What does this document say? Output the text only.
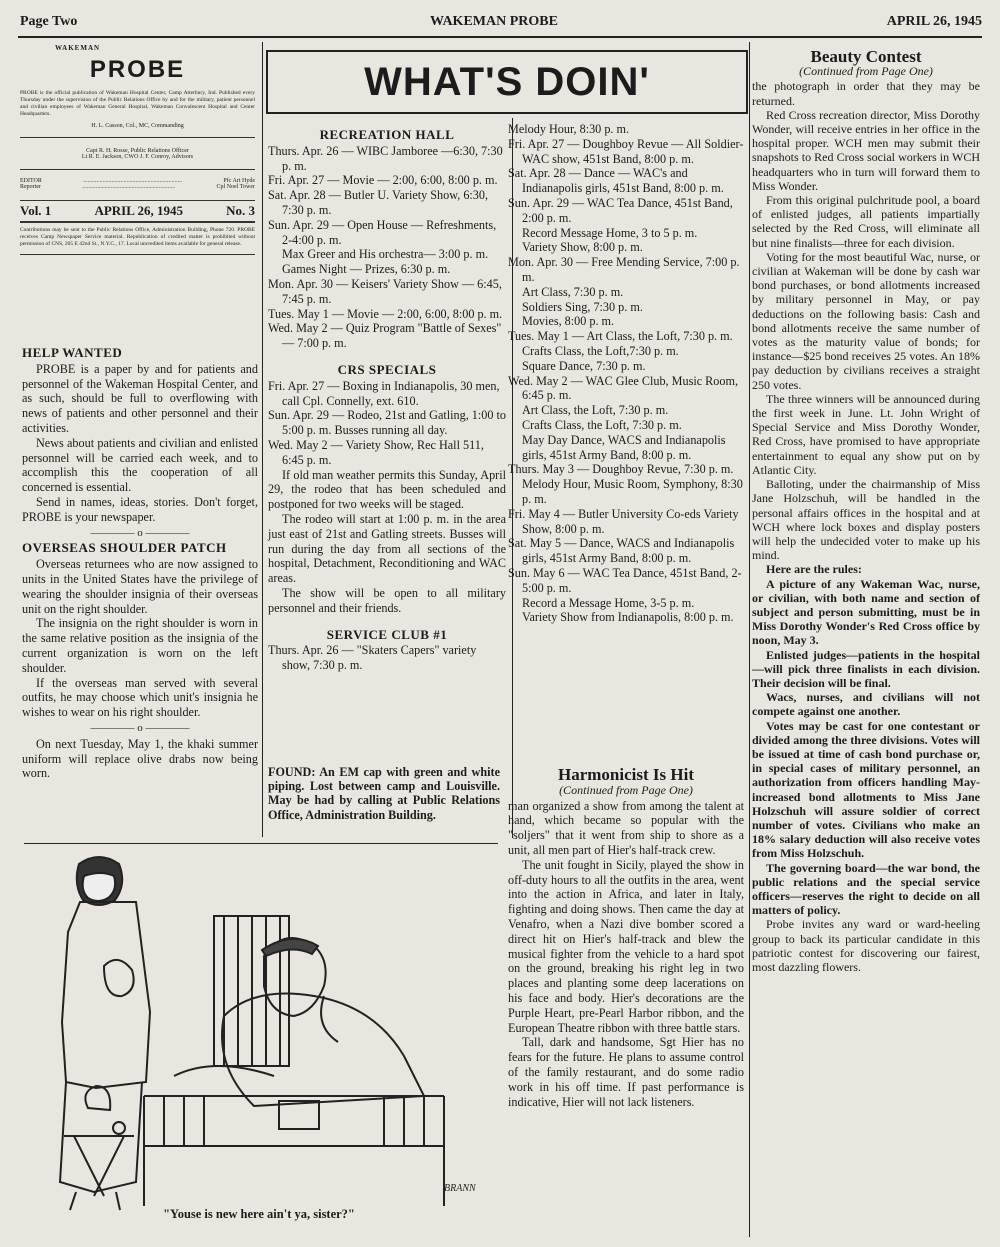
Page Two	WAKEMAN PROBE	APRIL 26, 1945
WAKEMAN
PROBE
PROBE is the official publication of Wakeman Hospital Center, Camp Atterbury, Ind. Published every Thursday under the supervision of the Public Relations Office by and for the military, patient personnel and civilian employees of Wakeman General Hospital, Wakeman Convalescent Hospital and Center Headquarters.
H. L. Casson, Col., MC, Commanding
Capt R. H. Rosse, Public Relations Officer
Lt R. E. Jackson, CWO J. F. Conroy, Advisors
EDITOR	..................................................................	Pfc Art Hyde
Reporter	..............................................................	Cpl Noel Tower
Vol. 1	APRIL 26, 1945	No. 3
Contributions may be sent to the Public Relations Office, Administration Building, Phone 720. PROBE receives Camp Newspaper Service material. Republication of credited matter is prohibited without permission of CNS, 205 E 42nd St., N.Y.C., 17. Local uncredited items available for general release.
HELP WANTED

PROBE is a paper by and for patients and personnel of the Wakeman Hospital Center, and as such, should be full to overflowing with news of patients and other personnel and their activities.

News about patients and civilian and enlisted personnel will be carried each week, and to accomplish this the cooperation of all concerned is essential.

Send in names, ideas, stories. Don't forget, PROBE is your newspaper.

———— o ————
OVERSEAS SHOULDER PATCH

Overseas returnees who are now assigned to units in the United States have the privilege of wearing the shoulder insignia of their overseas unit on the right shoulder.

The insignia on the right shoulder is worn in the same relative position as the insignia of the current organization is worn on the left shoulder.

If the overseas man served with several outfits, he may choose which unit's insignia he wishes to wear on his right shoulder.

———— o ————

On next Tuesday, May 1, the khaki summer uniform will replace olive drabs now being worn.

WHAT'S DOIN'
RECREATION HALL
Thurs. Apr. 26 — WIBC Jamboree —6:30, 7:30 p. m.
Fri. Apr. 27 — Movie — 2:00, 6:00, 8:00 p. m.
Sat. Apr. 28 — Butler U. Variety Show, 6:30, 7:30 p. m.
Sun. Apr. 29 — Open House — Refreshments, 2-4:00 p. m.
Max Greer and His orchestra— 3:00 p. m.
Games Night — Prizes, 6:30 p. m.
Mon. Apr. 30 — Keisers' Variety Show — 6:45, 7:45 p. m.
Tues. May 1 — Movie — 2:00, 6:00, 8:00 p. m.
Wed. May 2 — Quiz Program "Battle of Sexes" — 7:00 p. m.
CRS SPECIALS
Fri. Apr. 27 — Boxing in Indianapolis, 30 men, call Cpl. Connelly, ext. 610.
Sun. Apr. 29 — Rodeo, 21st and Gatling, 1:00 to 5:00 p. m. Busses running all day.
Wed. May 2 — Variety Show, Rec Hall 511, 6:45 p. m.

If old man weather permits this Sunday, April 29, the rodeo that has been scheduled and postponed for two weeks will be staged.

The rodeo will start at 1:00 p. m. in the area just east of 21st and Gatling streets. Busses will run during the day from all sections of the hospital, Detachment, Reconditioning and WAC areas.

The show will be open to all military personnel and their friends.

SERVICE CLUB #1
Thurs. Apr. 26 — "Skaters Capers" variety show, 7:30 p. m.

FOUND: An EM cap with green and white piping. Lost between camp and Louisville. May be had by calling at Public Relations Office, Administration Building.

Melody Hour, 8:30 p. m.
Fri. Apr. 27 — Doughboy Revue — All Soldier-WAC show, 451st Band, 8:00 p. m.
Sat. Apr. 28 — Dance — WAC's and Indianapolis girls, 451st Band, 8:00 p. m.
Sun. Apr. 29 — WAC Tea Dance, 451st Band, 2:00 p. m.
Record Message Home, 3 to 5 p. m.
Variety Show, 8:00 p. m.
Mon. Apr. 30 — Free Mending Service, 7:00 p. m.
Art Class, 7:30 p. m.
Soldiers Sing, 7:30 p. m.
Movies, 8:00 p. m.
Tues. May 1 — Art Class, the Loft, 7:30 p. m.
Crafts Class, the Loft,7:30 p. m.
Square Dance, 7:30 p. m.
Wed. May 2 — WAC Glee Club, Music Room, 6:45 p. m.
Art Class, the Loft, 7:30 p. m.
Crafts Class, the Loft, 7:30 p. m.
May Day Dance, WACS and Indianapolis girls, 451st Army Band, 8:00 p. m.
Thurs. May 3 — Doughboy Revue, 7:30 p. m.
Melody Hour, Music Room, Symphony, 8:30 p. m.
Fri. May 4 — Butler University Co-eds Variety Show, 8:00 p. m.
Sat. May 5 — Dance, WACS and Indianapolis girls, 451st Army Band, 8:00 p. m.
Sun. May 6 — WAC Tea Dance, 451st Band, 2-5:00 p. m.
Record a Message Home, 3-5 p. m.
Variety Show from Indianapolis, 8:00 p. m.
Harmonicist Is Hit
(Continued from Page One)

man organized a show from among the talent at hand, which became so popular with the "soljers" that it went from ship to shore as a unit, all men part of Hier's half-track crew.

The unit fought in Sicily, played the show in off-duty hours to all the outfits in the area, went into the action in Africa, and later in Italy, fighting and doing shows. Then came the day at Venafro, when a Nazi dive bomber scored a direct hit on Hier's half-track and blew the musical fighter from the vehicle to a hard spot on the ground, breaking his right leg in two places and planting some deep lacerations on his face and body. Hier's decorations are the Purple Heart, pre-Pearl Harbor ribbon, and the European Theatre ribbon with three battle stars.

Tall, dark and handsome, Sgt Hier has no fears for the future. He plans to assume control of the family restaurant, and do some radio work in his off time. If past performance is indicative, Hier will not lack listeners.

Beauty Contest
(Continued from Page One)

the photograph in order that they may be returned.

Red Cross recreation director, Miss Dorothy Wonder, will receive entries in her office in the hospital proper. WCH men may submit their snapshots to Red Cross social workers in WCH headquarters who in turn will forward them to Miss Wonder.

From this original pulchritude pool, a board of enlisted judges, all patients impartially selected by the Red Cross, will eliminate all but nine finalists—three for each division.

Voting for the most beautiful Wac, nurse, or civilian at Wakeman will be done by cash war bond purchases, or bond allotments increased by military personnel in May, or pay deductions on the following basis: Cash and bond allotments receive the same number of votes as the maturity value of bonds; for instance—$25 bond receives 25 votes. An 18% pay deduction by civilians receives a straight 250 votes.

The three winners will be announced during the first week in June. Lt. John Wright of Special Service and Miss Dorothy Wonder, Red Cross, have promised to have appropriate entertainment to equal any show put on by Atlantic City.

Balloting, under the chairmanship of Miss Jane Holzschuh, will be handled in the personal affairs offices in the hospital and at WCH where lock boxes and display posters will help the undecided voter to make up his mind.

Here are the rules:

A picture of any Wakeman Wac, nurse, or civilian, with both name and section of subject and person submitting, must be in Miss Dorothy Wonder's Red Cross office by noon, May 3.

Enlisted judges—patients in the hospital—will pick three finalists in each division. Their decision will be final.

Wacs, nurses, and civilians will not compete against one another.

Votes may be cast for one contestant or divided among the three divisions. Votes will be issued at time of cash bond purchase or, in special cases of military personnel, an authorization from officers handling May-increased bond allotments to Miss Jane Holzschuh will assure soldier of correct number of votes. Civilians who make an 18% salary deduction will also receive votes from Miss Holzschuh.

The governing board—the war bond, the public relations and the special service officers—reserves the right to decide on all matters of policy.

Probe invites any ward or ward-heeling group to back its particular candidate in this patriotic contest for discovering our fairest, most dazzling flowers.

BRANN
"Youse is new here ain't ya, sister?"
